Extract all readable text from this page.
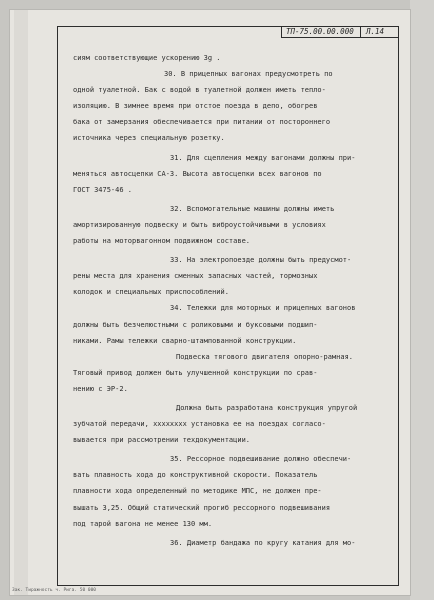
ТП-75.00.00.000 Л.14

сиям соответствующие ускорению 3g .

30. В прицепных вагонах предусмотреть по

одной туалетной. Бак с водой в туалетной должен иметь тепло-

изоляцию. В зимнее время при отстое поезда в депо, обогрев

бака от замерзания обеспечивается при питании от постороннего

источника через специальную розетку.

31. Для сцепления между вагонами должны при-

меняться автосцепки СА-3. Высота автосцепки всех вагонов по

ГОСТ 3475-46 .

32. Вспомогательные машины должны иметь

амортизированную подвеску и быть виброустойчивыми в условиях

работы на моторвагонном подвижном составе.

33. На электропоезде должны быть предусмот-

рены места для хранения сменных запасных частей, тормозных

колодок и специальных приспособлений.

34. Тележки для моторных и прицепных вагонов

должны быть безчелюстными с роликовыми и буксовыми подшип-

никами. Рамы тележки сварно-штампованной конструкции.

Подвеска тягового двигателя опорно-рамная.

Тяговый привод должен быть улучшенной конструкции по срав-

нению с ЭР-2.

Должна быть разработана конструкция упругой

зубчатой передачи, хххххххх установка ее на поездах согласо-

вывается при рассмотрении техдокументации.

35. Рессорное подвешивание должно обеспечи-

вать плавность хода до конструктивной скорости. Показатель

плавности хода определенный по методике МПС, не должен пре-

вышать 3,25. Общий статический прогиб рессорного подвешивания

под тарой вагона не менее 130 мм.

36. Диаметр бандажа по кругу катания для мо-

Зак. Тиражность ч. Рига. 50 000
